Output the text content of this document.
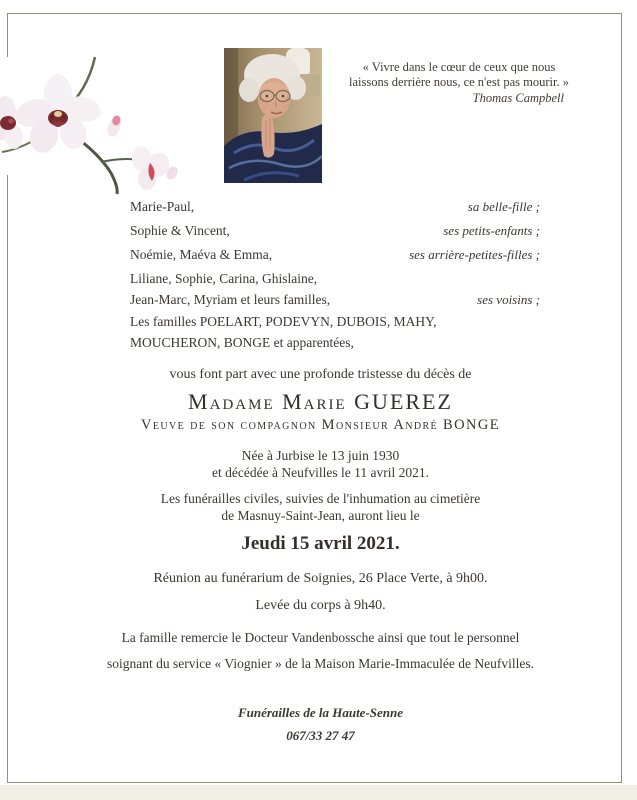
« Vivre dans le cœur de ceux que nous
laissons derrière nous, ce n'est pas mourir. »
Thomas Campbell
Marie-Paul,	sa belle-fille ;
Sophie & Vincent,	ses petits-enfants ;
Noémie, Maéva & Emma,	ses arrière-petites-filles ;
Liliane, Sophie, Carina, Ghislaine,
Jean-Marc, Myriam et leurs familles,	ses voisins ;
Les familles POELART, PODEVYN, DUBOIS, MAHY,
MOUCHERON, BONGE et apparentées,
vous font part avec une profonde tristesse du décès de
Madame Marie GUEREZ
Veuve de son compagnon Monsieur André BONGE
Née à Jurbise le 13 juin 1930
et décédée à Neufvilles le 11 avril 2021.
Les funérailles civiles, suivies de l'inhumation au cimetière
de Masnuy-Saint-Jean, auront lieu le
Jeudi 15 avril 2021.
Réunion au funérarium de Soignies, 26 Place Verte, à 9h00.
Levée du corps à 9h40.
La famille remercie le Docteur Vandenbossche ainsi que tout le personnel
soignant du service « Viognier » de la Maison Marie-Immaculée de Neufvilles.
Funérailles de la Haute-Senne
067/33 27 47
